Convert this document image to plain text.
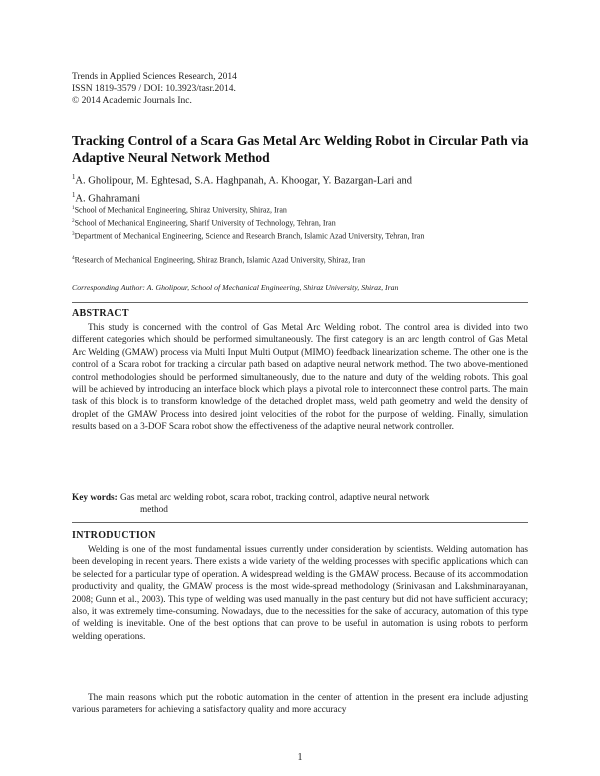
Trends in Applied Sciences Research, 2014
ISSN 1819-3579 / DOI: 10.3923/tasr.2014.
© 2014 Academic Journals Inc.
Tracking Control of a Scara Gas Metal Arc Welding Robot in Circular Path via Adaptive Neural Network Method
$^1$A. Gholipour, M. Eghtesad, S.A. Haghpanah, A. Khoogar, Y. Bazargan-Lari and
$^1$A. Ghahramani
$^1$School of Mechanical Engineering, Shiraz University, Shiraz, Iran
$^2$School of Mechanical Engineering, Sharif University of Technology, Tehran, Iran
$^3$Department of Mechanical Engineering, Science and Research Branch, Islamic Azad University, Tehran, Iran
$^4$Research of Mechanical Engineering, Shiraz Branch, Islamic Azad University, Shiraz, Iran
Corresponding Author: A. Gholipour, School of Mechanical Engineering, Shiraz University, Shiraz, Iran
ABSTRACT
This study is concerned with the control of Gas Metal Arc Welding robot. The control area is divided into two different categories which should be performed simultaneously. The first category is an arc length control of Gas Metal Arc Welding (GMAW) process via Multi Input Multi Output (MIMO) feedback linearization scheme. The other one is the control of a Scara robot for tracking a circular path based on adaptive neural network method. The two above-mentioned control methodologies should be performed simultaneously, due to the nature and duty of the welding robots. This goal will be achieved by introducing an interface block which plays a pivotal role to interconnect these control parts. The main task of this block is to transform knowledge of the detached droplet mass, weld path geometry and weld the density of droplet of the GMAW Process into desired joint velocities of the robot for the purpose of welding. Finally, simulation results based on a 3-DOF Scara robot show the effectiveness of the adaptive neural network controller.
Key words: Gas metal arc welding robot, scara robot, tracking control, adaptive neural network
method
INTRODUCTION
Welding is one of the most fundamental issues currently under consideration by scientists. Welding automation has been developing in recent years. There exists a wide variety of the welding processes with specific applications which can be selected for a particular type of operation. A widespread welding is the GMAW process. Because of its accommodation productivity and quality, the GMAW process is the most wide-spread methodology (Srinivasan and Lakshminarayanan, 2008; Gunn et al., 2003). This type of welding was used manually in the past century but did not have sufficient accuracy; also, it was extremely time-consuming. Nowadays, due to the necessities for the sake of accuracy, automation of this type of welding is inevitable. One of the best options that can prove to be useful in automation is using robots to perform welding operations.
The main reasons which put the robotic automation in the center of attention in the present era include adjusting various parameters for achieving a satisfactory quality and more accuracy
1
